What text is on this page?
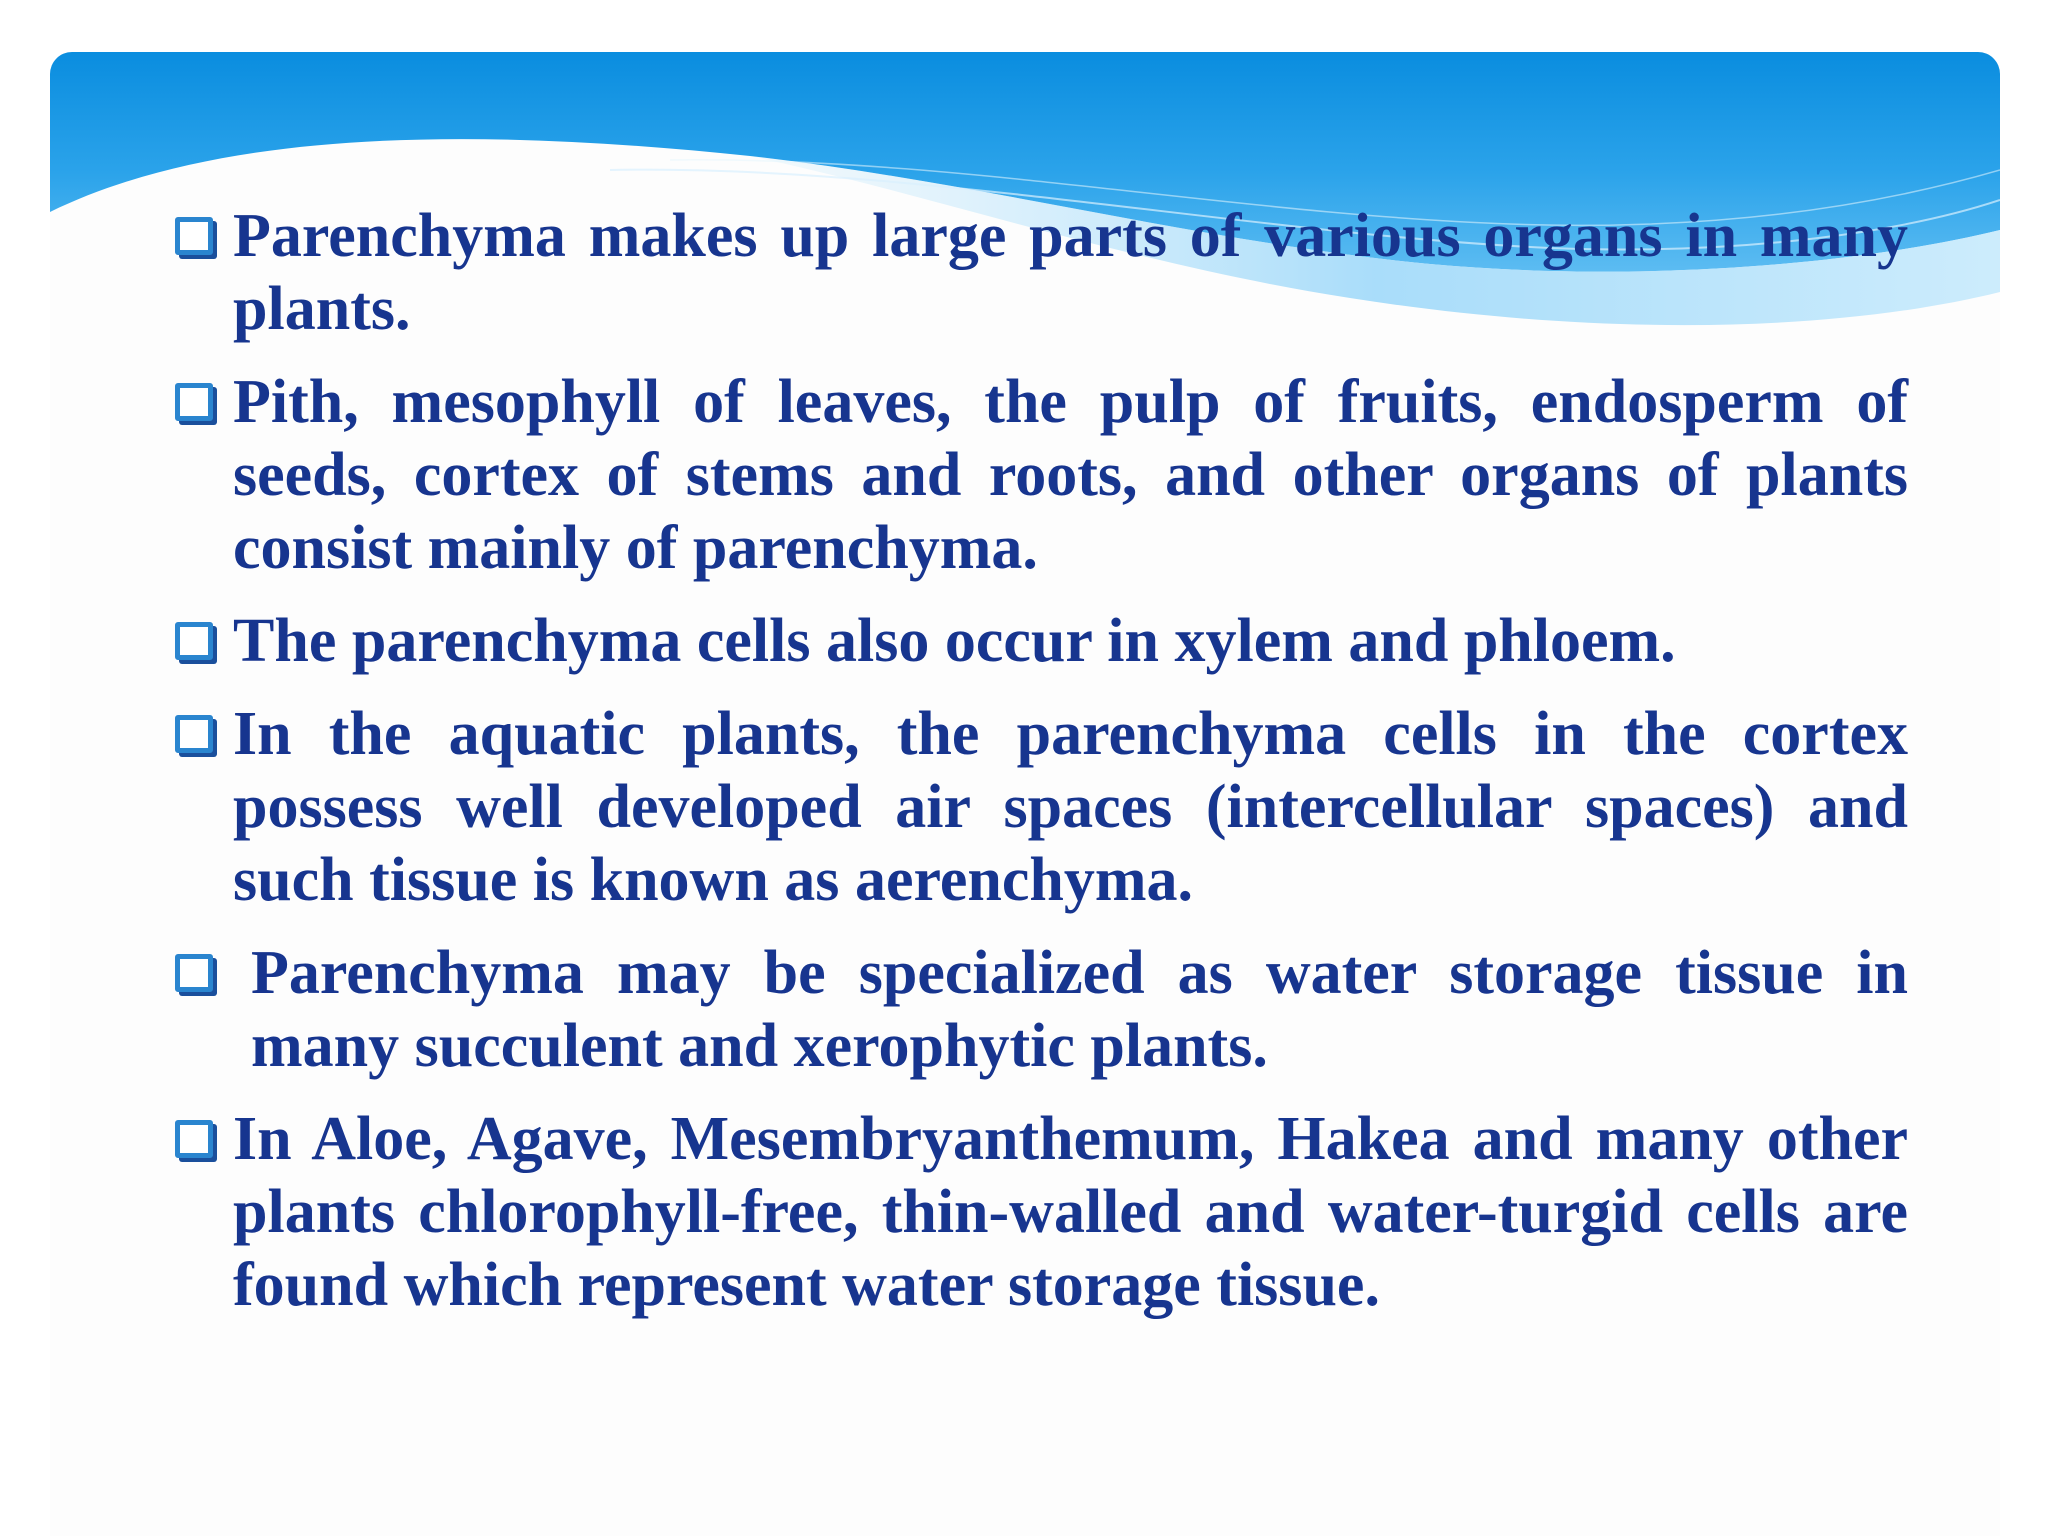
Parenchyma makes up large parts of various organs in many plants.
Pith, mesophyll of leaves, the pulp of fruits, endosperm of seeds, cortex of stems and roots, and other organs of plants consist mainly of parenchyma.
The parenchyma cells also occur in xylem and phloem.
In the aquatic plants, the parenchyma cells in the cortex possess well developed air spaces (intercellular spaces) and such tissue is known as aerenchyma.
Parenchyma may be specialized as water storage tissue in many succulent and xerophytic plants.
In Aloe, Agave, Mesembryanthemum, Hakea and many other plants chlorophyll-free, thin-walled and water-turgid cells are found which represent water storage tissue.
